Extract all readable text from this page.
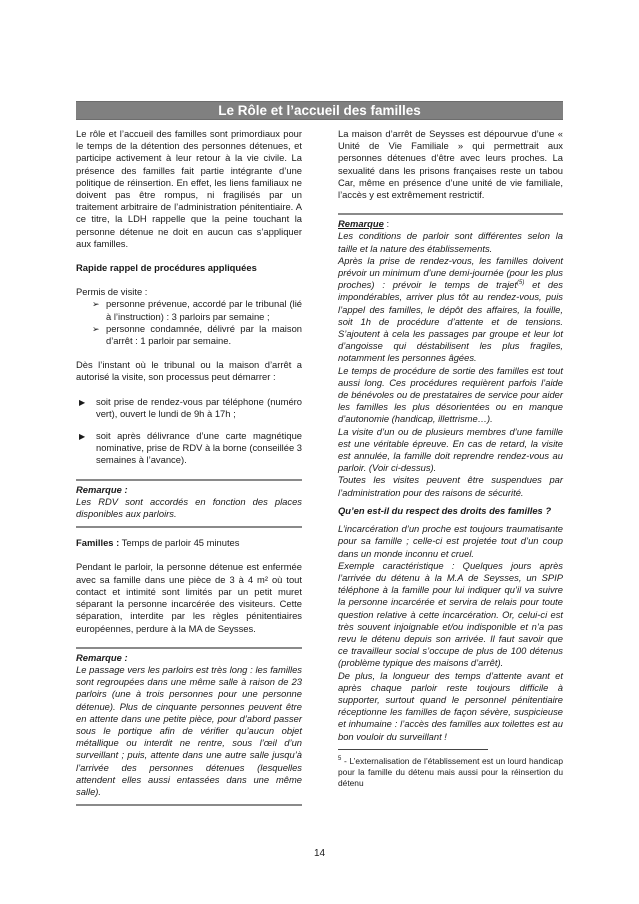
Le Rôle et l’accueil des familles

Le rôle et l’accueil des familles sont primordiaux pour le temps de la détention des personnes détenues, et participe activement à leur retour à la vie civile. La présence des familles fait partie intégrante d’une politique de réinsertion. En effet, les liens familiaux ne doivent pas être rompus, ni fragilisés par un traitement arbitraire de l’administration pénitentiaire. A ce titre, la LDH rappelle que la peine touchant la personne détenue ne doit en aucun cas s’appliquer aux familles.

Rapide rappel de procédures appliquées

Permis de visite :

➢ personne prévenue, accordé par le tribunal (lié à l’instruction) : 3 parloirs par semaine ;
➢ personne condamnée, délivré par la maison d’arrêt : 1 parloir par semaine.

Dès l’instant où le tribunal ou la maison d’arrêt a autorisé la visite, son processus peut démarrer :

▶ soit prise de rendez-vous par téléphone (numéro vert), ouvert le lundi de 9h à 17h ;
▶ soit après délivrance d’une carte magnétique nominative, prise de RDV à la borne (conseillée 3 semaines à l’avance).

Remarque :

Les RDV sont accordés en fonction des places disponibles aux parloirs.

Familles : Temps de parloir 45 minutes

Pendant le parloir, la personne détenue est enfermée avec sa famille dans une pièce de 3 à 4 m² où tout contact et intimité sont limités par un petit muret séparant la personne incarcérée des visiteurs. Cette séparation, interdite par les règles pénitentiaires européennes, perdure à la MA de Seysses.

Remarque :

Le passage vers les parloirs est très long : les familles sont regroupées dans une même salle à raison de 23 parloirs (une à trois personnes pour une personne détenue). Plus de cinquante personnes peuvent être en attente dans une petite pièce, pour d’abord passer sous le portique afin de vérifier qu’aucun objet métallique ou interdit ne rentre, sous l’œil d’un surveillant ; puis, attente dans une autre salle jusqu’à l’arrivée des personnes détenues (lesquelles attendent elles aussi entassées dans une même salle).

La maison d’arrêt de Seysses est dépourvue d’une « Unité de Vie Familiale » qui permettrait aux personnes détenues d’être avec leurs proches. La sexualité dans les prisons françaises reste un tabou Car, même en présence d’une unité de vie familiale, l’accès y est extrêmement restrictif.

Remarque :

Les conditions de parloir sont différentes selon la taille et la nature des établissements.

Après la prise de rendez-vous, les familles doivent prévoir un minimum d’une demi-journée (pour les plus proches) : prévoir le temps de trajet$^{(5)}$ et des impondérables, arriver plus tôt au rendez-vous, puis l’appel des familles, le dépôt des affaires, la fouille, soit 1h de procédure d’attente et de tensions. S’ajoutent à cela les passages par groupe et leur lot d’angoisse qui déstabilisent les plus fragiles, notamment les personnes âgées.

Le temps de procédure de sortie des familles est tout aussi long. Ces procédures requièrent parfois l’aide de bénévoles ou de prestataires de service pour aider les familles les plus désorientées ou en manque d’autonomie (handicap, illettrisme…).

La visite d’un ou de plusieurs membres d’une famille est une véritable épreuve. En cas de retard, la visite est annulée, la famille doit reprendre rendez-vous au parloir. (Voir ci-dessus).

Toutes les visites peuvent être suspendues par l’administration pour des raisons de sécurité.

Qu’en est-il du respect des droits des familles ?

L’incarcération d’un proche est toujours traumatisante pour sa famille ; celle-ci est projetée tout d’un coup dans un monde inconnu et cruel.

Exemple caractéristique : Quelques jours après l’arrivée du détenu à la M.A de Seysses, un SPIP téléphone à la famille pour lui indiquer qu’il va suivre la personne incarcérée et servira de relais pour toute question relative à cette incarcération. Or, celui-ci est très souvent injoignable et/ou indisponible et n’a pas revu le détenu depuis son arrivée. Il faut savoir que ce travailleur social s’occupe de plus de 100 détenus (problème typique des maisons d’arrêt).

De plus, la longueur des temps d’attente avant et après chaque parloir reste toujours difficile à supporter, surtout quand le personnel pénitentiaire réceptionne les familles de façon sévère, suspicieuse et inhumaine : l’accès des familles aux toilettes est au bon vouloir du surveillant !

$^5$ - L’externalisation de l’établissement est un lourd handicap pour la famille du détenu mais aussi pour la réinsertion du détenu

14
